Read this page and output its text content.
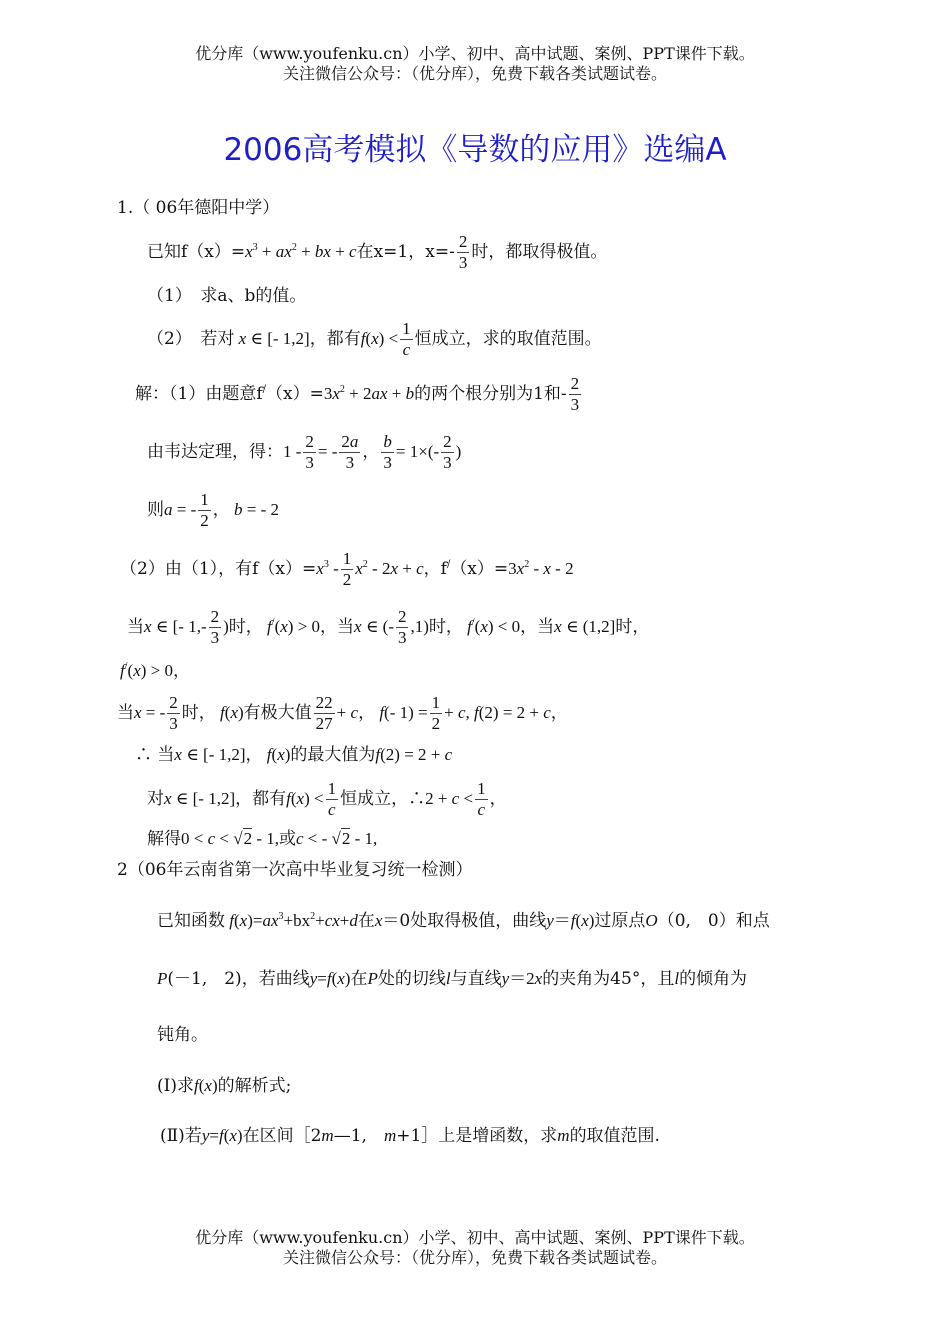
优分库（www.youfenku.cn）小学、初中、高中试题、案例、PPT课件下载。
关注微信公众号：（优分库），免费下载各类试题试卷。
2006高考模拟《导数的应用》选编A
1.（ 06年德阳中学）
已知$f(x)=x^3 + ax^2$ + bx + c在x=1，$x=- \frac{2}{3}$ 时，都取得极值。
（1）　求a、b的值。
（2）　若对 x ∈ [- 1,2]，都有$f(x) < \frac{1}{c}$ 恒成立，求的取值范围。
解：（1）由题意$f^/(x)=3x^2 + 2ax + b$的两个根分别为1和- $\frac{2}{3}$
由韦达定理，得：$1 - \frac{2}{3}$ = - $\frac{2a}{3}$ ， $\frac{b}{3} = 1\times(- \frac{2}{3}$ )
则a = - $\frac{1}{2}$ ， b = - 2
（2）由（1），有$f(x)=x^3 - \frac{1}{2} x^2 - 2x + c$，$f^/(x)=3x^2 - x - 2$
当x ∈ [- $1,- \frac{2}{3}$ )时， f/(x) > 0，当x ∈ (- $\frac{2}{3} ,1$)时， f/(x) < 0，当x ∈ (1,2]时，
f/(x) > 0，
当x = - $\frac{2}{3}$ 时， f(x)有极大值 $\frac{22}{27} + c$， f(- $1) = \frac{1}{2} + c$, f(2) = 2 + c，
∴ 当x ∈ [- 1,2]， f(x)的最大值为f(2) = 2 + c
对x ∈ [- 1,2]，都有$f(x) < \frac{1}{c}$ 恒成立，∴2 + $c < \frac{1}{c}$ ，
解得0 < c < √2 - 1,或c < - √2 - 1,
2（06年云南省第一次高中毕业复习统一检测）
已知函数 $f(x)=ax^3+bx^2+cx+d$在x＝0处取得极值，曲线y＝f(x)过原点O（0,　0）和点
P(－1,　2)，若曲线y=f(x)在P处的切线l与直线y＝2x的夹角为45°，且l的倾角为
钝角。
(Ⅰ)求f(x)的解析式;
(Ⅱ)若y=f(x)在区间［2m—1,　m+1］上是增函数，求m的取值范围.
优分库（www.youfenku.cn）小学、初中、高中试题、案例、PPT课件下载。
关注微信公众号：（优分库），免费下载各类试题试卷。
